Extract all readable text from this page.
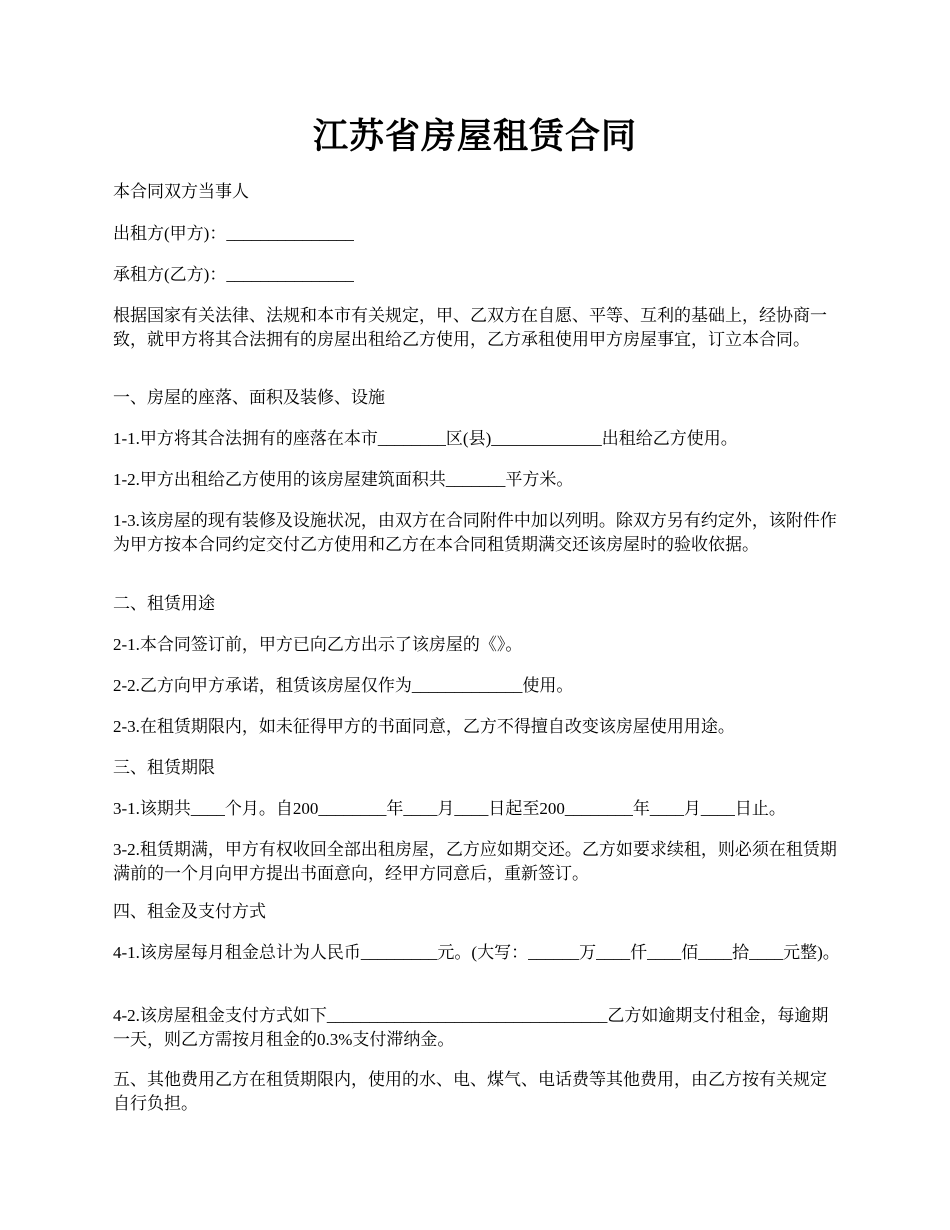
江苏省房屋租赁合同

本合同双方当事人

出租方(甲方)：_______________

承租方(乙方)：_______________

根据国家有关法律、法规和本市有关规定，甲、乙双方在自愿、平等、互利的基础上，经协商一致，就甲方将其合法拥有的房屋出租给乙方使用，乙方承租使用甲方房屋事宜，订立本合同。

一、房屋的座落、面积及装修、设施

1-1.甲方将其合法拥有的座落在本市________区(县)_____________出租给乙方使用。

1-2.甲方出租给乙方使用的该房屋建筑面积共_______平方米。

1-3.该房屋的现有装修及设施状况，由双方在合同附件中加以列明。除双方另有约定外，该附件作为甲方按本合同约定交付乙方使用和乙方在本合同租赁期满交还该房屋时的验收依据。

二、租赁用途

2-1.本合同签订前，甲方已向乙方出示了该房屋的《》。

2-2.乙方向甲方承诺，租赁该房屋仅作为_____________使用。

2-3.在租赁期限内，如未征得甲方的书面同意，乙方不得擅自改变该房屋使用用途。

三、租赁期限

3-1.该期共____个月。自200________年____月____日起至200________年____月____日止。

3-2.租赁期满，甲方有权收回全部出租房屋，乙方应如期交还。乙方如要求续租，则必须在租赁期满前的一个月向甲方提出书面意向，经甲方同意后，重新签订。

四、租金及支付方式

4-1.该房屋每月租金总计为人民币_________元。(大写：______万____仟____佰____拾____元整)。

4-2.该房屋租金支付方式如下_________________________________乙方如逾期支付租金，每逾期一天，则乙方需按月租金的0.3%支付滞纳金。

五、其他费用乙方在租赁期限内，使用的水、电、煤气、电话费等其他费用，由乙方按有关规定自行负担。
